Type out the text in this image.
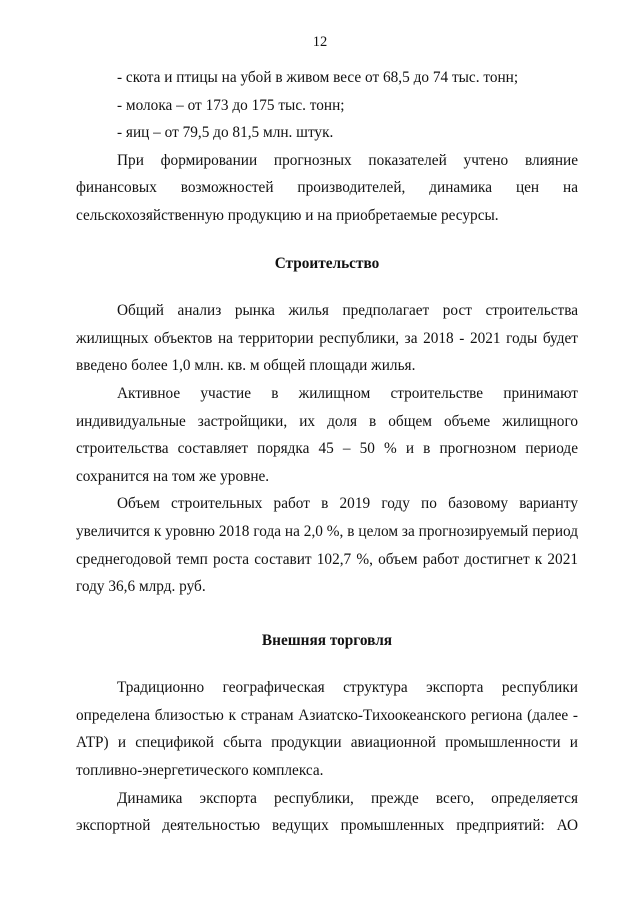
12
- скота и птицы на убой в живом весе от 68,5 до 74 тыс. тонн;
- молока – от 173 до 175 тыс. тонн;
- яиц – от 79,5 до 81,5 млн. штук.
При формировании прогнозных показателей учтено влияние
финансовых возможностей производителей, динамика цен на
сельскохозяйственную продукцию и на приобретаемые ресурсы.
Строительство
Общий анализ рынка жилья предполагает рост строительства
жилищных объектов на территории республики, за 2018 - 2021 годы будет
введено более 1,0 млн. кв. м общей площади жилья.
Активное участие в жилищном строительстве принимают
индивидуальные застройщики, их доля в общем объеме жилищного
строительства составляет порядка 45 – 50 % и в прогнозном периоде
сохранится на том же уровне.
Объем строительных работ в 2019 году по базовому варианту
увеличится к уровню 2018 года на 2,0 %, в целом за прогнозируемый период
среднегодовой темп роста составит 102,7 %, объем работ достигнет к 2021
году 36,6 млрд. руб.
Внешняя торговля
Традиционно географическая структура экспорта республики
определена близостью к странам Азиатско-Тихоокеанского региона (далее -
АТР) и спецификой сбыта продукции авиационной промышленности и
топливно-энергетического комплекса.
Динамика экспорта республики, прежде всего, определяется
экспортной деятельностью ведущих промышленных предприятий: АО
